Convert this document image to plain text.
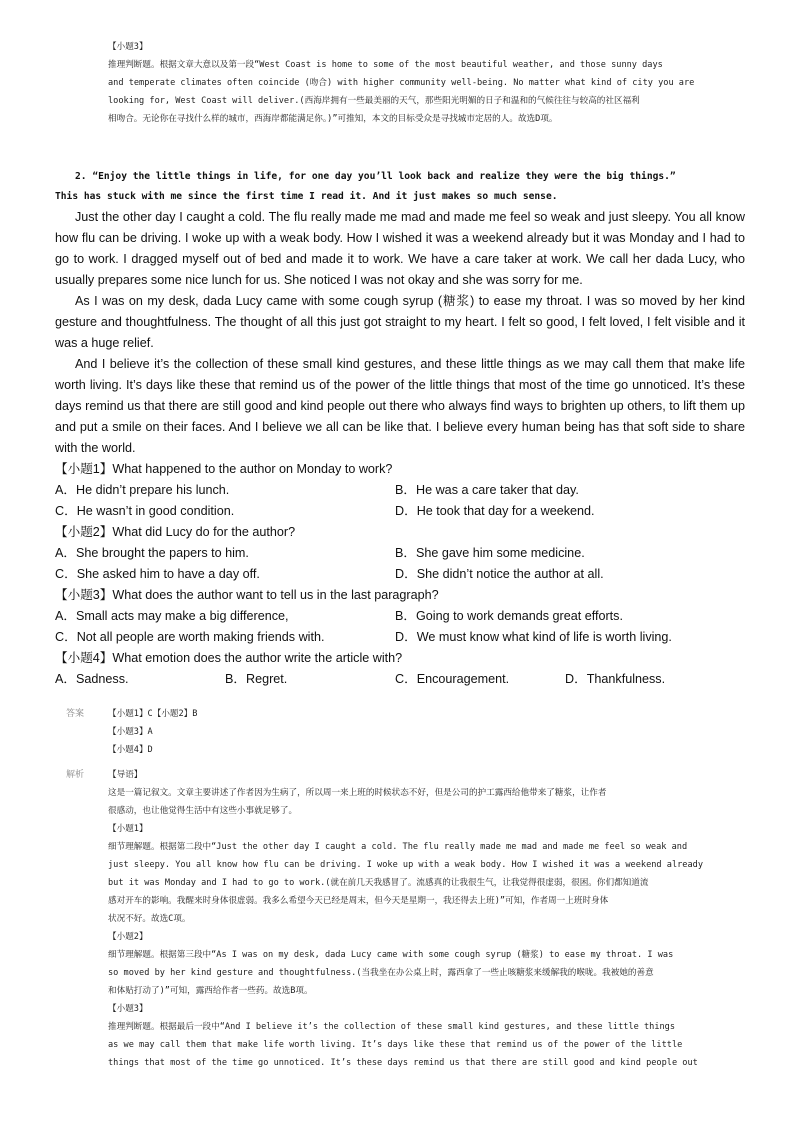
【小题3】

推理判断题。根据文章大意以及第一段“West Coast is home to some of the most beautiful weather, and those sunny days

and temperate climates often coincide (吻合) with higher community well-being. No matter what kind of city you are

looking for, West Coast will deliver.(西海岸拥有一些最美丽的天气，那些阳光明媚的日子和温和的气候往往与较高的社区福利

相吻合。无论你在寻找什么样的城市，西海岸都能满足你。)”可推知，本文的目标受众是寻找城市定居的人。故选D项。

2. “Enjoy the little things in life, for one day you’ll look back and realize they were the big things.”

This has stuck with me since the first time I read it. And it just makes so much sense.

Just the other day I caught a cold. The flu really made me mad and made me feel so weak and just sleepy. You all know how flu can be driving. I woke up with a weak body. How I wished it was a weekend already but it was Monday and I had to go to work. I dragged myself out of bed and made it to work. We have a care taker at work. We call her dada Lucy, who usually prepares some nice lunch for us. She noticed I was not okay and she was sorry for me.

As I was on my desk, dada Lucy came with some cough syrup (糖浆) to ease my throat. I was so moved by her kind gesture and thoughtfulness. The thought of all this just got straight to my heart. I felt so good, I felt loved, I felt visible and it was a huge relief.

And I believe it’s the collection of these small kind gestures, and these little things as we may call them that make life worth living. It’s days like these that remind us of the power of the little things that most of the time go unnoticed. It’s these days remind us that there are still good and kind people out there who always find ways to brighten up others, to lift them up and put a smile on their faces. And I believe we all can be like that. I believe every human being has that soft side to share with the world.

【小题1】What happened to the author on Monday to work?
A．He didn’t prepare his lunch.	B．He was a care taker that day.
C．He wasn’t in good condition.	D．He took that day for a weekend.
【小题2】What did Lucy do for the author?
A．She brought the papers to him.	B．She gave him some medicine.
C．She asked him to have a day off.	D．She didn’t notice the author at all.
【小题3】What does the author want to tell us in the last paragraph?
A．Small acts may make a big difference,	B．Going to work demands great efforts.
C．Not all people are worth making friends with.	D．We must know what kind of life is worth living.
【小题4】What emotion does the author write the article with?
A．Sadness.	B．Regret.	C．Encouragement.	D．Thankfulness.
答案	【小题1】C【小题2】B

【小题3】A

【小题4】D

解析	【导语】

这是一篇记叙文。文章主要讲述了作者因为生病了，所以周一来上班的时候状态不好，但是公司的护工露西给他带来了糖浆，让作者

很感动，也让他觉得生活中有这些小事就足够了。

【小题1】

细节理解题。根据第二段中“Just the other day I caught a cold. The flu really made me mad and made me feel so weak and

just sleepy. You all know how flu can be driving. I woke up with a weak body. How I wished it was a weekend already

but it was Monday and I had to go to work.(就在前几天我感冒了。流感真的让我很生气，让我觉得很虚弱，很困。你们都知道流

感对开车的影响。我醒来时身体很虚弱。我多么希望今天已经是周末，但今天是星期一，我还得去上班)”可知，作者周一上班时身体

状况不好。故选C项。

【小题2】

细节理解题。根据第三段中“As I was on my desk, dada Lucy came with some cough syrup (糖浆) to ease my throat. I was

so moved by her kind gesture and thoughtfulness.(当我坐在办公桌上时，露西拿了一些止咳糖浆来缓解我的喉咙。我被她的善意

和体贴打动了)”可知，露西给作者一些药。故选B项。

【小题3】

推理判断题。根据最后一段中“And I believe it’s the collection of these small kind gestures, and these little things

as we may call them that make life worth living. It’s days like these that remind us of the power of the little

things that most of the time go unnoticed. It’s these days remind us that there are still good and kind people out
